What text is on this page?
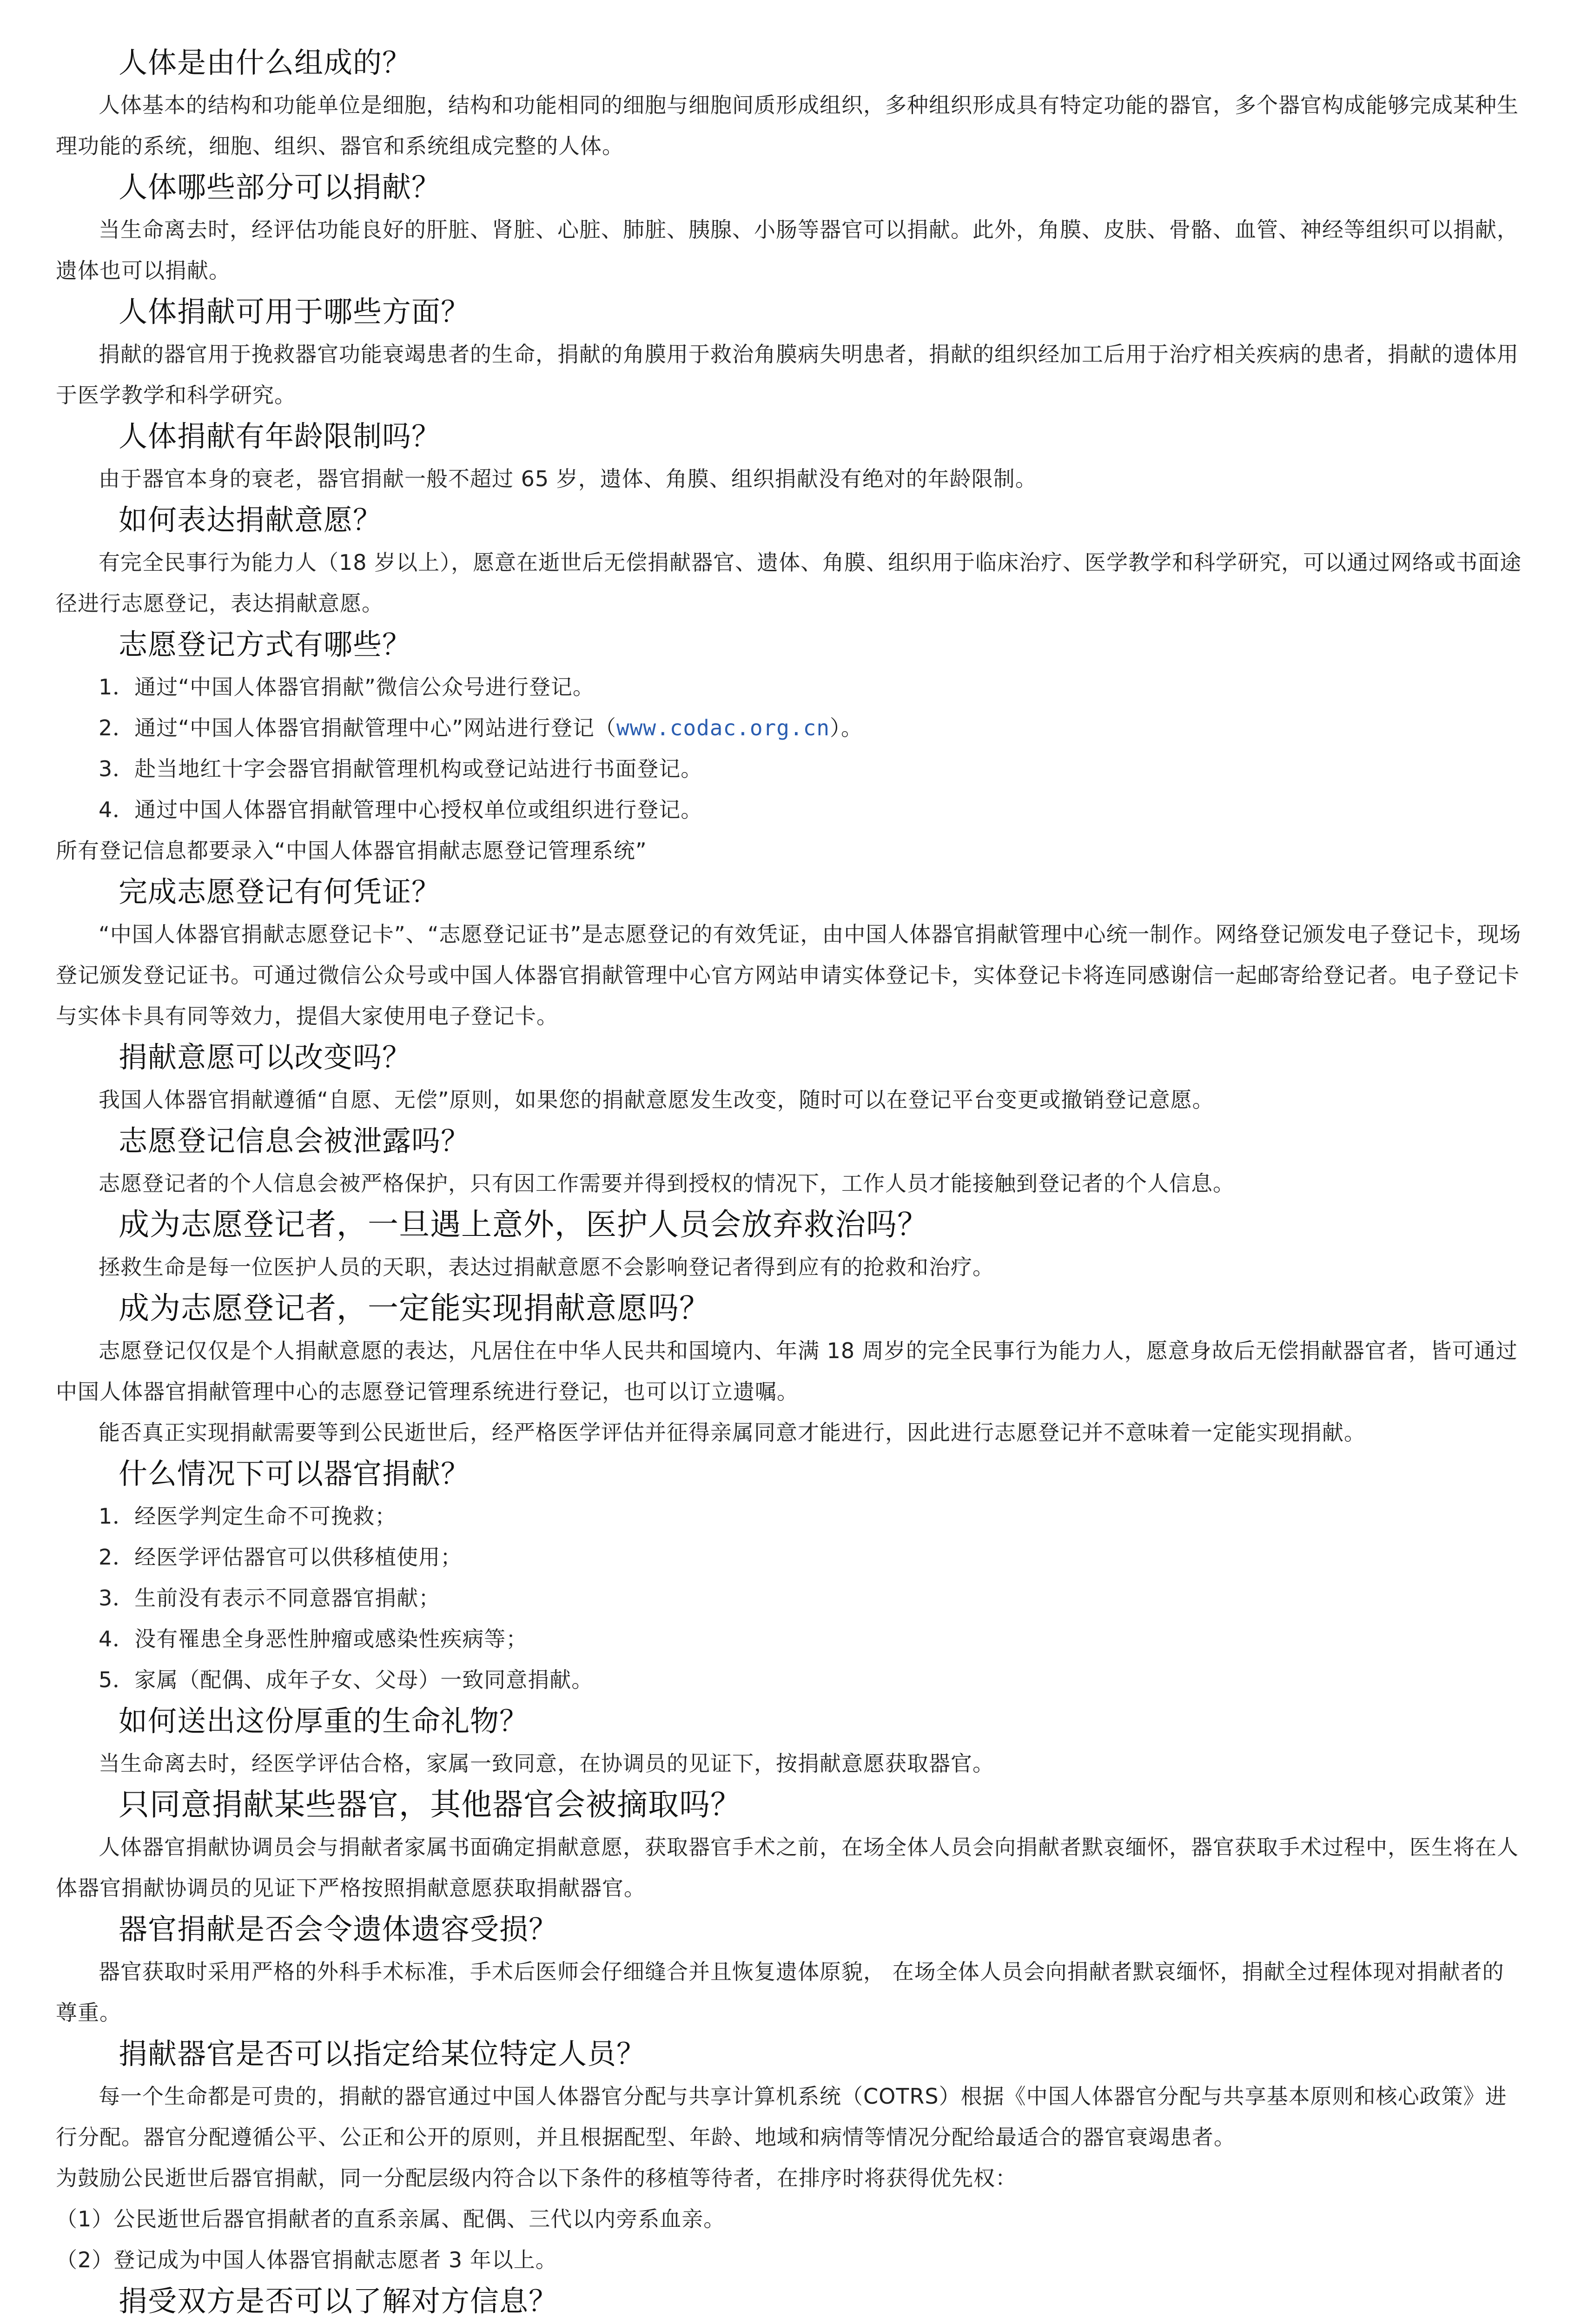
人体是由什么组成的？

人体基本的结构和功能单位是细胞，结构和功能相同的细胞与细胞间质形成组织，多种组织形成具有特定功能的器官，多个器官构成能够完成某种生理功能的系统，细胞、组织、器官和系统组成完整的人体。

人体哪些部分可以捐献？

当生命离去时，经评估功能良好的肝脏、肾脏、心脏、肺脏、胰腺、小肠等器官可以捐献。此外，角膜、皮肤、骨骼、血管、神经等组织可以捐献，遗体也可以捐献。

人体捐献可用于哪些方面？

捐献的器官用于挽救器官功能衰竭患者的生命，捐献的角膜用于救治角膜病失明患者，捐献的组织经加工后用于治疗相关疾病的患者，捐献的遗体用于医学教学和科学研究。

人体捐献有年龄限制吗？

由于器官本身的衰老，器官捐献一般不超过 65 岁，遗体、角膜、组织捐献没有绝对的年龄限制。

如何表达捐献意愿？

有完全民事行为能力人（18 岁以上），愿意在逝世后无偿捐献器官、遗体、角膜、组织用于临床治疗、医学教学和科学研究，可以通过网络或书面途径进行志愿登记，表达捐献意愿。

志愿登记方式有哪些？

1．通过“中国人体器官捐献”微信公众号进行登记。

2．通过“中国人体器官捐献管理中心”网站进行登记（www.codac.org.cn）。

3．赴当地红十字会器官捐献管理机构或登记站进行书面登记。

4．通过中国人体器官捐献管理中心授权单位或组织进行登记。

所有登记信息都要录入“中国人体器官捐献志愿登记管理系统”

完成志愿登记有何凭证？

“中国人体器官捐献志愿登记卡”、“志愿登记证书”是志愿登记的有效凭证，由中国人体器官捐献管理中心统一制作。网络登记颁发电子登记卡，现场登记颁发登记证书。可通过微信公众号或中国人体器官捐献管理中心官方网站申请实体登记卡，实体登记卡将连同感谢信一起邮寄给登记者。电子登记卡与实体卡具有同等效力，提倡大家使用电子登记卡。

捐献意愿可以改变吗？

我国人体器官捐献遵循“自愿、无偿”原则，如果您的捐献意愿发生改变，随时可以在登记平台变更或撤销登记意愿。

志愿登记信息会被泄露吗？

志愿登记者的个人信息会被严格保护，只有因工作需要并得到授权的情况下，工作人员才能接触到登记者的个人信息。

成为志愿登记者，一旦遇上意外，医护人员会放弃救治吗？

拯救生命是每一位医护人员的天职，表达过捐献意愿不会影响登记者得到应有的抢救和治疗。

成为志愿登记者，一定能实现捐献意愿吗？

志愿登记仅仅是个人捐献意愿的表达，凡居住在中华人民共和国境内、年满 18 周岁的完全民事行为能力人，愿意身故后无偿捐献器官者，皆可通过中国人体器官捐献管理中心的志愿登记管理系统进行登记，也可以订立遗嘱。

能否真正实现捐献需要等到公民逝世后，经严格医学评估并征得亲属同意才能进行，因此进行志愿登记并不意味着一定能实现捐献。

什么情况下可以器官捐献？

1．经医学判定生命不可挽救；

2．经医学评估器官可以供移植使用；

3．生前没有表示不同意器官捐献；

4．没有罹患全身恶性肿瘤或感染性疾病等；

5．家属（配偶、成年子女、父母）一致同意捐献。

如何送出这份厚重的生命礼物？

当生命离去时，经医学评估合格，家属一致同意，在协调员的见证下，按捐献意愿获取器官。

只同意捐献某些器官，其他器官会被摘取吗？

人体器官捐献协调员会与捐献者家属书面确定捐献意愿，获取器官手术之前，在场全体人员会向捐献者默哀缅怀，器官获取手术过程中，医生将在人体器官捐献协调员的见证下严格按照捐献意愿获取捐献器官。

器官捐献是否会令遗体遗容受损？

器官获取时采用严格的外科手术标准，手术后医师会仔细缝合并且恢复遗体原貌， 在场全体人员会向捐献者默哀缅怀，捐献全过程体现对捐献者的尊重。

捐献器官是否可以指定给某位特定人员？

每一个生命都是可贵的，捐献的器官通过中国人体器官分配与共享计算机系统（COTRS）根据《中国人体器官分配与共享基本原则和核心政策》进行分配。器官分配遵循公平、公正和公开的原则，并且根据配型、年龄、地域和病情等情况分配给最适合的器官衰竭患者。

为鼓励公民逝世后器官捐献，同一分配层级内符合以下条件的移植等待者，在排序时将获得优先权：

（1）公民逝世后器官捐献者的直系亲属、配偶、三代以内旁系血亲。

（2）登记成为中国人体器官捐献志愿者 3 年以上。

捐受双方是否可以了解对方信息？
